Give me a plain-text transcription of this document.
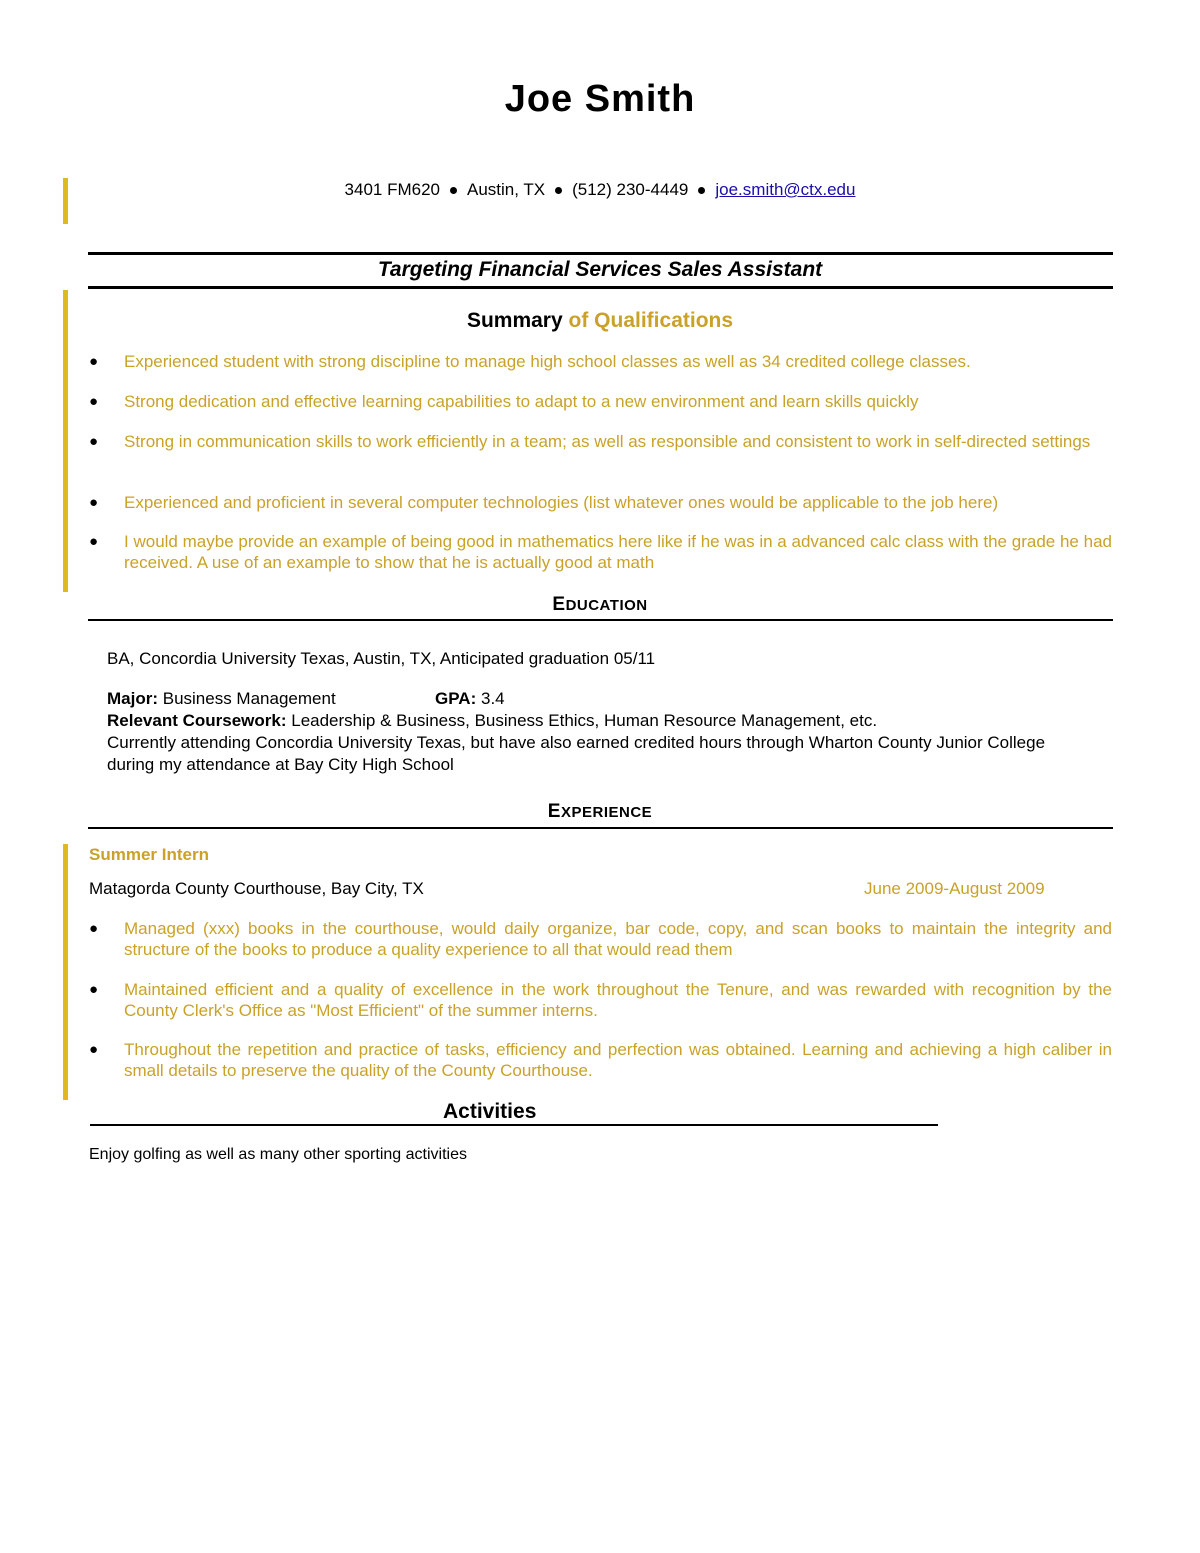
Joe Smith
3401 FM620 Austin, TX (512) 230-4449 joe.smith@ctx.edu
Targeting Financial Services Sales Assistant
Summary of Qualifications
● Experienced student with strong discipline to manage high school classes as well as 34 credited college classes.
● Strong dedication and effective learning capabilities to adapt to a new environment and learn skills quickly
● Strong in communication skills to work efficiently in a team; as well as responsible and consistent to work in self-directed settings
● Experienced and proficient in several computer technologies (list whatever ones would be applicable to the job here)
● I would maybe provide an example of being good in mathematics here like if he was in a advanced calc class with the grade he had received. A use of an example to show that he is actually good at math
EDUCATION
BA, Concordia University Texas, Austin, TX, Anticipated graduation 05/11
Major: Business Management	GPA: 3.4
Relevant Coursework: Leadership & Business, Business Ethics, Human Resource Management, etc.
Currently attending Concordia University Texas, but have also earned credited hours through Wharton County Junior College during my attendance at Bay City High School
EXPERIENCE
Summer Intern
Matagorda County Courthouse, Bay City, TX	June 2009-August 2009
● Managed (xxx) books in the courthouse, would daily organize, bar code, copy, and scan books to maintain the integrity and structure of the books to produce a quality experience to all that would read them
● Maintained efficient and a quality of excellence in the work throughout the Tenure, and was rewarded with recognition by the County Clerk's Office as "Most Efficient" of the summer interns.
● Throughout the repetition and practice of tasks, efficiency and perfection was obtained. Learning and achieving a high caliber in small details to preserve the quality of the County Courthouse.
Activities
Enjoy golfing as well as many other sporting activities
